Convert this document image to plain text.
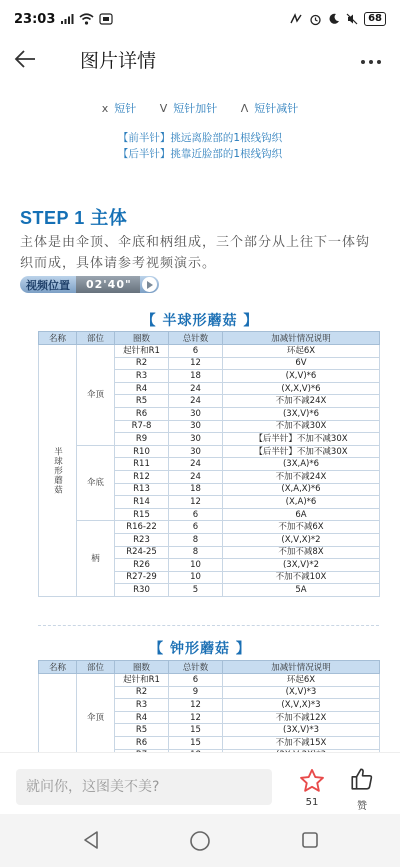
23:03	68
图片详情
x 短针 V 短针加针 Λ 短针减针
【前半针】挑远离脸部的1根线钩织
【后半针】挑靠近脸部的1根线钩织
STEP 1 主体
主体是由伞顶、伞底和柄组成，三个部分从上往下一体钩织而成，具体请参考视频演示。
视频位置	02'40"
【 半球形蘑菇 】
名称	部位	圈数	总针数	加减针情况说明
半球形蘑菇	伞顶	起针和R1	6	环起6X
		R2	12	6V
		R3	18	(X,V)*6
		R4	24	(X,X,V)*6
		R5	24	不加不减24X
		R6	30	(3X,V)*6
		R7-8	30	不加不减30X
		R9	30	【后半针】不加不减30X
	伞底	R10	30	【后半针】不加不减30X
		R11	24	(3X,A)*6
		R12	24	不加不减24X
		R13	18	(X,A,X)*6
		R14	12	(X,A)*6
		R15	6	6A
	柄	R16-22	6	不加不减6X
		R23	8	(X,V,X)*2
		R24-25	8	不加不减8X
		R26	10	(3X,V)*2
		R27-29	10	不加不减10X
		R30	5	5A
【 钟形蘑菇 】
名称	部位	圈数	总针数	加减针情况说明
	伞顶	起针和R1	6	环起6X
		R2	9	(X,V)*3
		R3	12	(X,V,X)*3
		R4	12	不加不减12X
		R5	15	(3X,V)*3
		R6	15	不加不减15X

就问你，这图美不美?
51	赞
